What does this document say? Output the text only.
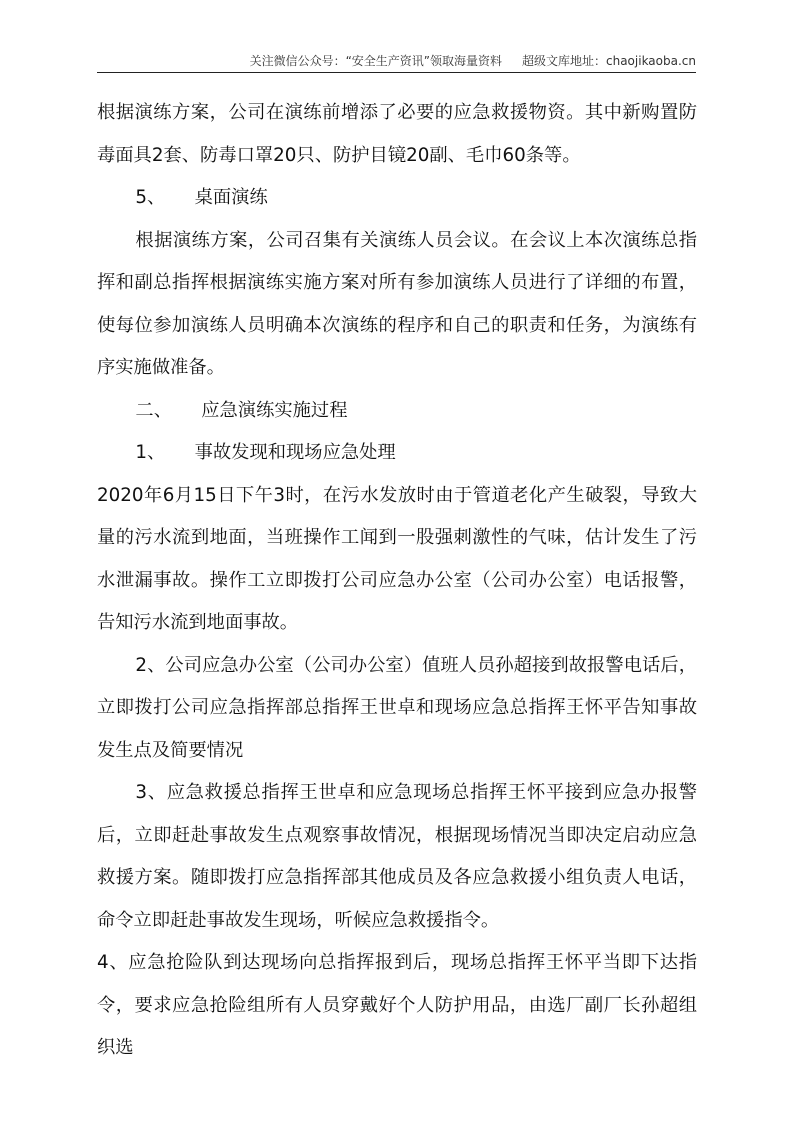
关注微信公众号：“安全生产资讯”领取海量资料 超级文库地址：chaojikaoba.cn

根据演练方案，公司在演练前增添了必要的应急救援物资。其中新购置防毒面具2套、防毒口罩20只、防护目镜20副、毛巾60条等。

5、 桌面演练

根据演练方案，公司召集有关演练人员会议。在会议上本次演练总指挥和副总指挥根据演练实施方案对所有参加演练人员进行了详细的布置，使每位参加演练人员明确本次演练的程序和自己的职责和任务，为演练有序实施做准备。

二、 应急演练实施过程

1、 事故发现和现场应急处理

2020年6月15日下午3时，在污水发放时由于管道老化产生破裂，导致大量的污水流到地面，当班操作工闻到一股强刺激性的气味，估计发生了污水泄漏事故。操作工立即拨打公司应急办公室（公司办公室）电话报警，告知污水流到地面事故。

2、公司应急办公室（公司办公室）值班人员孙超接到故报警电话后，立即拨打公司应急指挥部总指挥王世卓和现场应急总指挥王怀平告知事故发生点及简要情况

3、应急救援总指挥王世卓和应急现场总指挥王怀平接到应急办报警后，立即赶赴事故发生点观察事故情况，根据现场情况当即决定启动应急救援方案。随即拨打应急指挥部其他成员及各应急救援小组负责人电话，命令立即赶赴事故发生现场，听候应急救援指令。

4、应急抢险队到达现场向总指挥报到后，现场总指挥王怀平当即下达指令，要求应急抢险组所有人员穿戴好个人防护用品，由选厂副厂长孙超组织选
